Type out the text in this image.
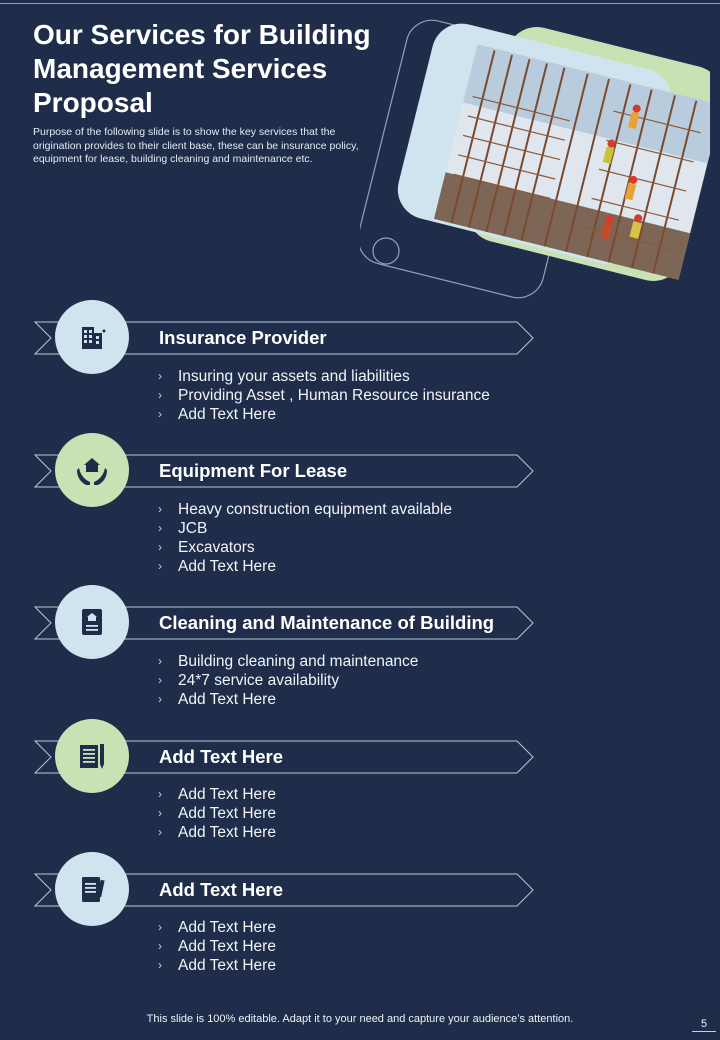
Our Services for Building Management Services Proposal

Purpose of the following slide is to show the key services that the origination provides to their client base, these can be insurance policy, equipment for lease, building cleaning and maintenance etc.

Insurance Provider
› Insuring your assets and liabilities
› Providing Asset , Human Resource insurance
› Add Text Here
Equipment For Lease
› Heavy construction equipment available
› JCB
› Excavators
› Add Text Here
Cleaning and Maintenance of Building
› Building cleaning and maintenance
› 24*7 service availability
› Add Text Here
Add Text Here
› Add Text Here
› Add Text Here
› Add Text Here
Add Text Here
› Add Text Here
› Add Text Here
› Add Text Here
This slide is 100% editable. Adapt it to your need and capture your audience’s attention.	5
